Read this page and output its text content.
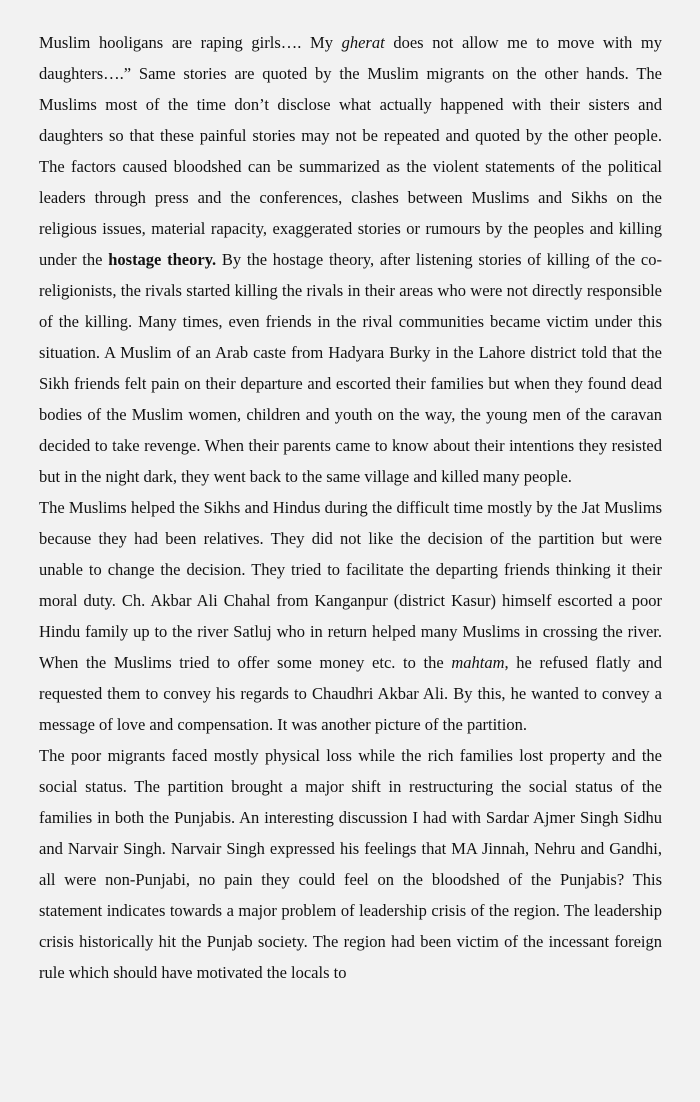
Muslim hooligans are raping girls…. My gherat does not allow me to move with my daughters….” Same stories are quoted by the Muslim migrants on the other hands. The Muslims most of the time don’t disclose what actually happened with their sisters and daughters so that these painful stories may not be repeated and quoted by the other people. The factors caused bloodshed can be summarized as the violent statements of the political leaders through press and the conferences, clashes between Muslims and Sikhs on the religious issues, material rapacity, exaggerated stories or rumours by the peoples and killing under the hostage theory. By the hostage theory, after listening stories of killing of the co-religionists, the rivals started killing the rivals in their areas who were not directly responsible of the killing. Many times, even friends in the rival communities became victim under this situation. A Muslim of an Arab caste from Hadyara Burky in the Lahore district told that the Sikh friends felt pain on their departure and escorted their families but when they found dead bodies of the Muslim women, children and youth on the way, the young men of the caravan decided to take revenge. When their parents came to know about their intentions they resisted but in the night dark, they went back to the same village and killed many people.

The Muslims helped the Sikhs and Hindus during the difficult time mostly by the Jat Muslims because they had been relatives. They did not like the decision of the partition but were unable to change the decision. They tried to facilitate the departing friends thinking it their moral duty. Ch. Akbar Ali Chahal from Kanganpur (district Kasur) himself escorted a poor Hindu family up to the river Satluj who in return helped many Muslims in crossing the river. When the Muslims tried to offer some money etc. to the mahtam, he refused flatly and requested them to convey his regards to Chaudhri Akbar Ali. By this, he wanted to convey a message of love and compensation. It was another picture of the partition.

The poor migrants faced mostly physical loss while the rich families lost property and the social status. The partition brought a major shift in restructuring the social status of the families in both the Punjabis. An interesting discussion I had with Sardar Ajmer Singh Sidhu and Narvair Singh. Narvair Singh expressed his feelings that MA Jinnah, Nehru and Gandhi, all were non-Punjabi, no pain they could feel on the bloodshed of the Punjabis? This statement indicates towards a major problem of leadership crisis of the region. The leadership crisis historically hit the Punjab society. The region had been victim of the incessant foreign rule which should have motivated the locals to
